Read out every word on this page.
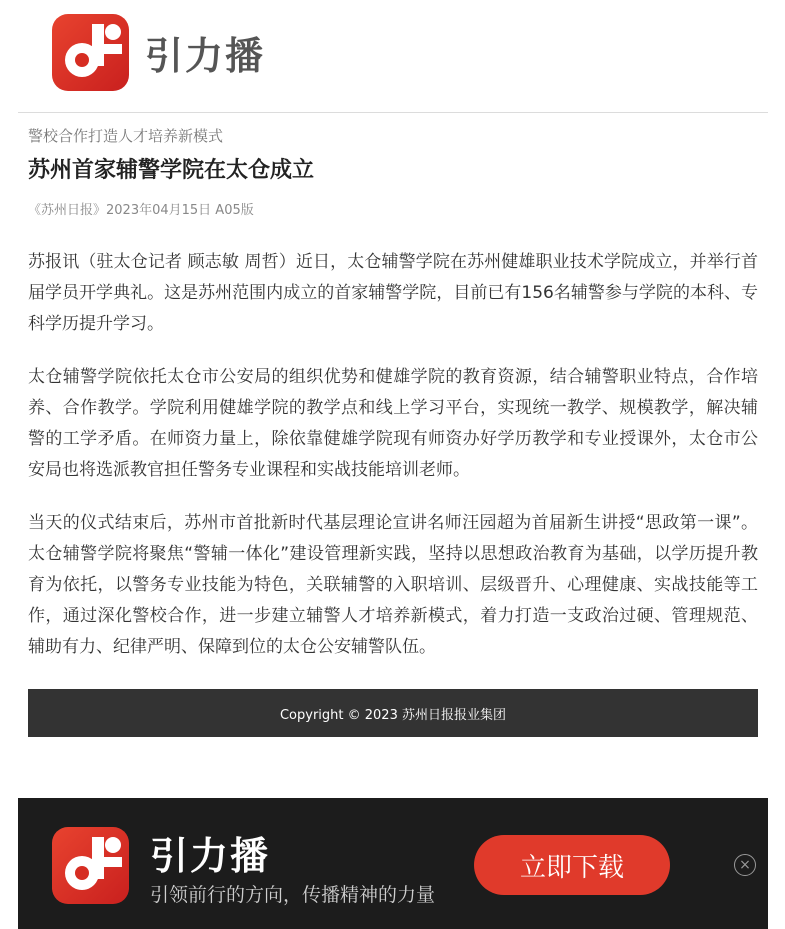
引力播
警校合作打造人才培养新模式
苏州首家辅警学院在太仓成立
《苏州日报》2023年04月15日 A05版

苏报讯（驻太仓记者 顾志敏 周哲）近日，太仓辅警学院在苏州健雄职业技术学院成立，并举行首届学员开学典礼。这是苏州范围内成立的首家辅警学院，目前已有156名辅警参与学院的本科、专科学历提升学习。

太仓辅警学院依托太仓市公安局的组织优势和健雄学院的教育资源，结合辅警职业特点，合作培养、合作教学。学院利用健雄学院的教学点和线上学习平台，实现统一教学、规模教学，解决辅警的工学矛盾。在师资力量上，除依靠健雄学院现有师资办好学历教学和专业授课外，太仓市公安局也将选派教官担任警务专业课程和实战技能培训老师。

当天的仪式结束后，苏州市首批新时代基层理论宣讲名师汪园超为首届新生讲授“思政第一课”。太仓辅警学院将聚焦“警辅一体化”建设管理新实践，坚持以思想政治教育为基础，以学历提升教育为依托，以警务专业技能为特色，关联辅警的入职培训、层级晋升、心理健康、实战技能等工作，通过深化警校合作，进一步建立辅警人才培养新模式，着力打造一支政治过硬、管理规范、辅助有力、纪律严明、保障到位的太仓公安辅警队伍。

Copyright © 2023 苏州日报报业集团
引力播
引领前行的方向，传播精神的力量
立即下载	×
